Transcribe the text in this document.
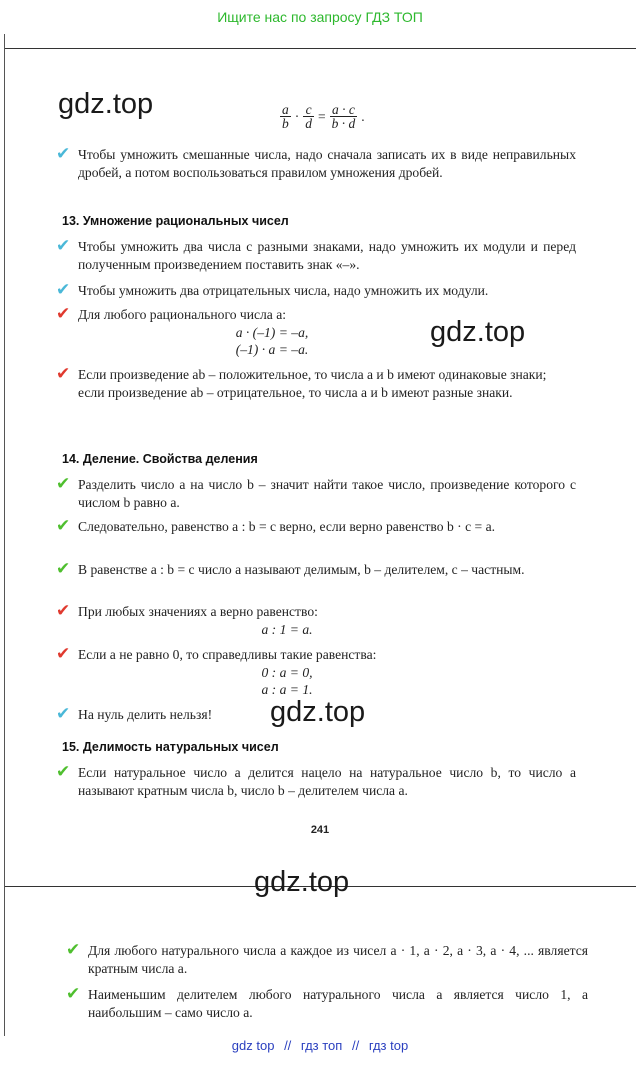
Ищите нас по запросу ГДЗ ТОП
gdz.top
gdz.top
gdz.top
gdz.top
$\frac{a}{b} \cdot \frac{c}{d} = \frac{a \cdot c}{b \cdot d}$ .
✔ Чтобы умножить смешанные числа, надо сначала записать их в виде неправильных дробей, а потом воспользоваться правилом умножения дробей.
13. Умножение рациональных чисел
✔ Чтобы умножить два числа с разными знаками, надо умножить их модули и перед полученным произведением поставить знак «–».
✔ Чтобы умножить два отрицательных числа, надо умножить их модули.
✔ Для любого рационального числа a:
a · (–1) = –a,
(–1) · a = –a.
✔ Если произведение ab – положительное, то числа a и b имеют одинаковые знаки;
если произведение ab – отрицательное, то числа a и b имеют разные знаки.
14. Деление. Свойства деления
✔ Разделить число a на число b – значит найти такое число, произведение которого с числом b равно a.
✔ Следовательно, равенство a : b = c верно, если верно равенство b · c = a.
✔ В равенстве a : b = c число a называют делимым, b – делителем, c – частным.
✔ При любых значениях a верно равенство:
a : 1 = a.
✔ Если a не равно 0, то справедливы такие равенства:
0 : a = 0,
a : a = 1.
✔ На нуль делить нельзя!
15. Делимость натуральных чисел
✔ Если натуральное число a делится нацело на натуральное число b, то число a называют кратным числа b, число b – делителем числа a.
241
✔ Для любого натурального числа a каждое из чисел a · 1, a · 2, a · 3, a · 4, ... является кратным числа a.
✔ Наименьшим делителем любого натурального числа a является число 1, а наибольшим – само число a.
gdz top // гдз топ // гдз top
